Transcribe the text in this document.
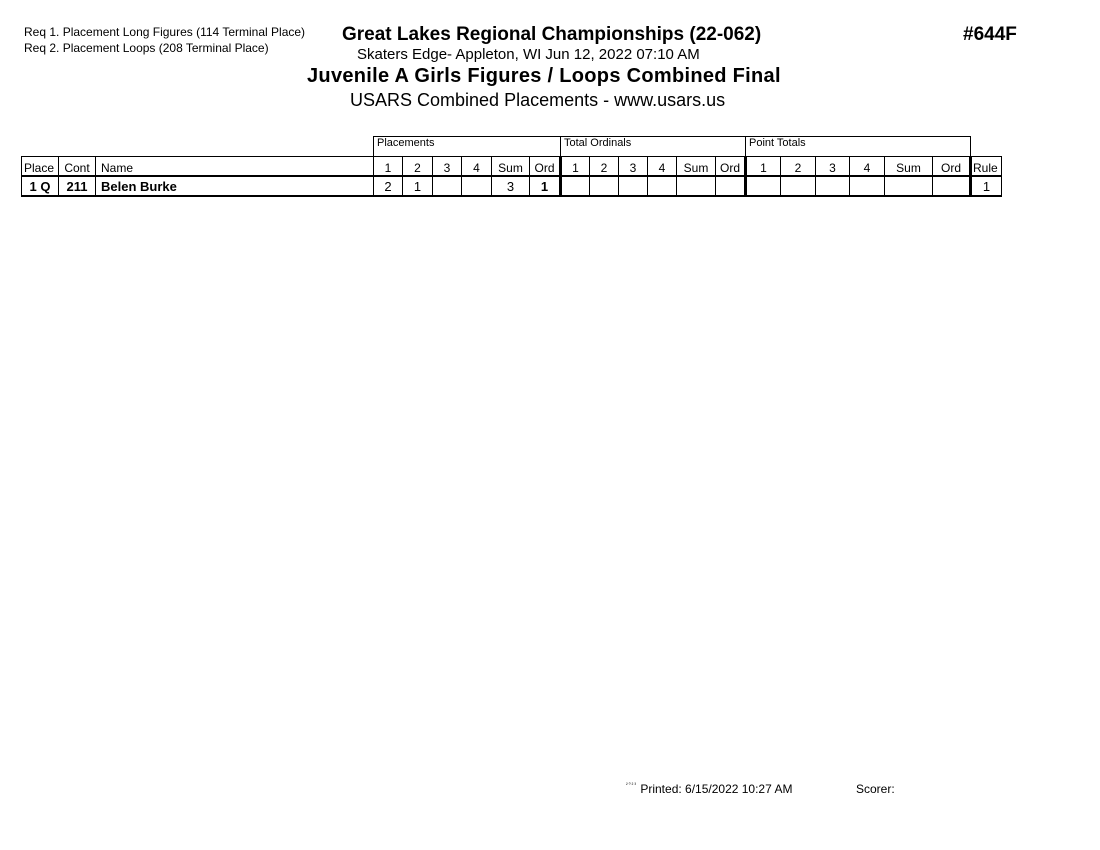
Req 1. Placement Long Figures (114 Terminal Place)
Req 2. Placement Loops (208 Terminal Place)
Great Lakes Regional Championships (22-062)
Skaters Edge- Appleton, WI Jun 12, 2022 07:10 AM
Juvenile A Girls Figures / Loops Combined Final
USARS Combined Placements - www.usars.us
#644F
			Placements						Total Ordinals						Point Totals						
Place	Cont	Name	1	2	3	4	Sum	Ord	1	2	3	4	Sum	Ord	1	2	3	4	Sum	Ord	Rule
1 Q	211	Belen Burke	2	1			3	1													1
$^{^{2023}}$ Printed: 6/15/2022 10:27 AM	Scorer:
